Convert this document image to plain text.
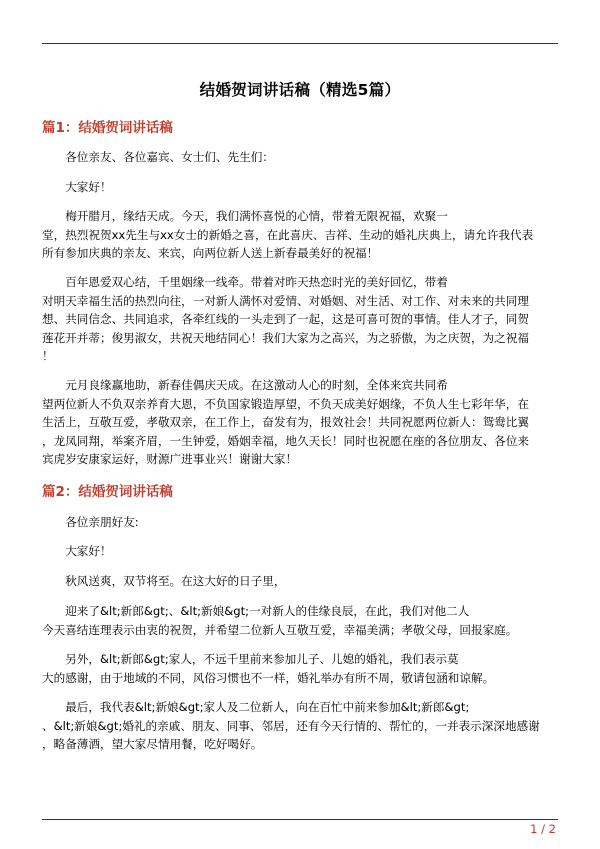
结婚贺词讲话稿（精选5篇）
篇1：结婚贺词讲话稿

　　各位亲友、各位嘉宾、女士们、先生们：

　　大家好！

　　梅开腊月，缘结天成。今天，我们满怀喜悦的心情，带着无限祝福，欢聚一
堂，热烈祝贺xx先生与xx女士的新婚之喜，在此喜庆、吉祥、生动的婚礼庆典上，请允许我代表
所有参加庆典的亲友、来宾，向两位新人送上新春最美好的祝福！

　　百年恩爱双心结，千里姻缘一线牵。带着对昨天热恋时光的美好回忆，带着
对明天幸福生活的热烈向往，一对新人满怀对爱情、对婚姻、对生活、对工作、对未来的共同理
想、共同信念、共同追求，各牵红线的一头走到了一起，这是可喜可贺的事情。佳人才子，同贺
莲花开并蒂；俊男淑女，共祝天地结同心！我们大家为之高兴，为之骄傲，为之庆贺，为之祝福
！

　　元月良缘赢地助，新春佳偶庆天成。在这激动人心的时刻，全体来宾共同希
望两位新人不负双亲养育大恩，不负国家锻造厚望，不负天成美好姻缘，不负人生七彩年华，在
生活上，互敬互爱，孝敬双亲，在工作上，奋发有为，报效社会！共同祝愿两位新人：鸳鸯比翼
，龙凤同翔，举案齐眉，一生钟爱，婚姻幸福，地久天长！同时也祝愿在座的各位朋友、各位来
宾虎岁安康家运好，财源广进事业兴！谢谢大家！

篇2：结婚贺词讲话稿

　　各位亲朋好友:

　　大家好！

　　秋风送爽，双节将至。在这大好的日子里，

　　迎来了&lt;新郎&gt;、&lt;新娘&gt;一对新人的佳缘良辰，在此，我们对他二人
今天喜结连理表示由衷的祝贺，并希望二位新人互敬互爱，幸福美满；孝敬父母，回报家庭。

　　另外，&lt;新郎&gt;家人，不远千里前来参加儿子、儿媳的婚礼，我们表示莫
大的感谢，由于地域的不同，风俗习惯也不一样，婚礼举办有所不周，敬请包涵和谅解。

　　最后，我代表&lt;新娘&gt;家人及二位新人，向在百忙中前来参加&lt;新郎&gt;
、&lt;新娘&gt;婚礼的亲戚、朋友、同事、邻居，还有今天行情的、帮忙的，一并表示深深地感谢
，略备薄酒，望大家尽情用餐，吃好喝好。

1 / 2
